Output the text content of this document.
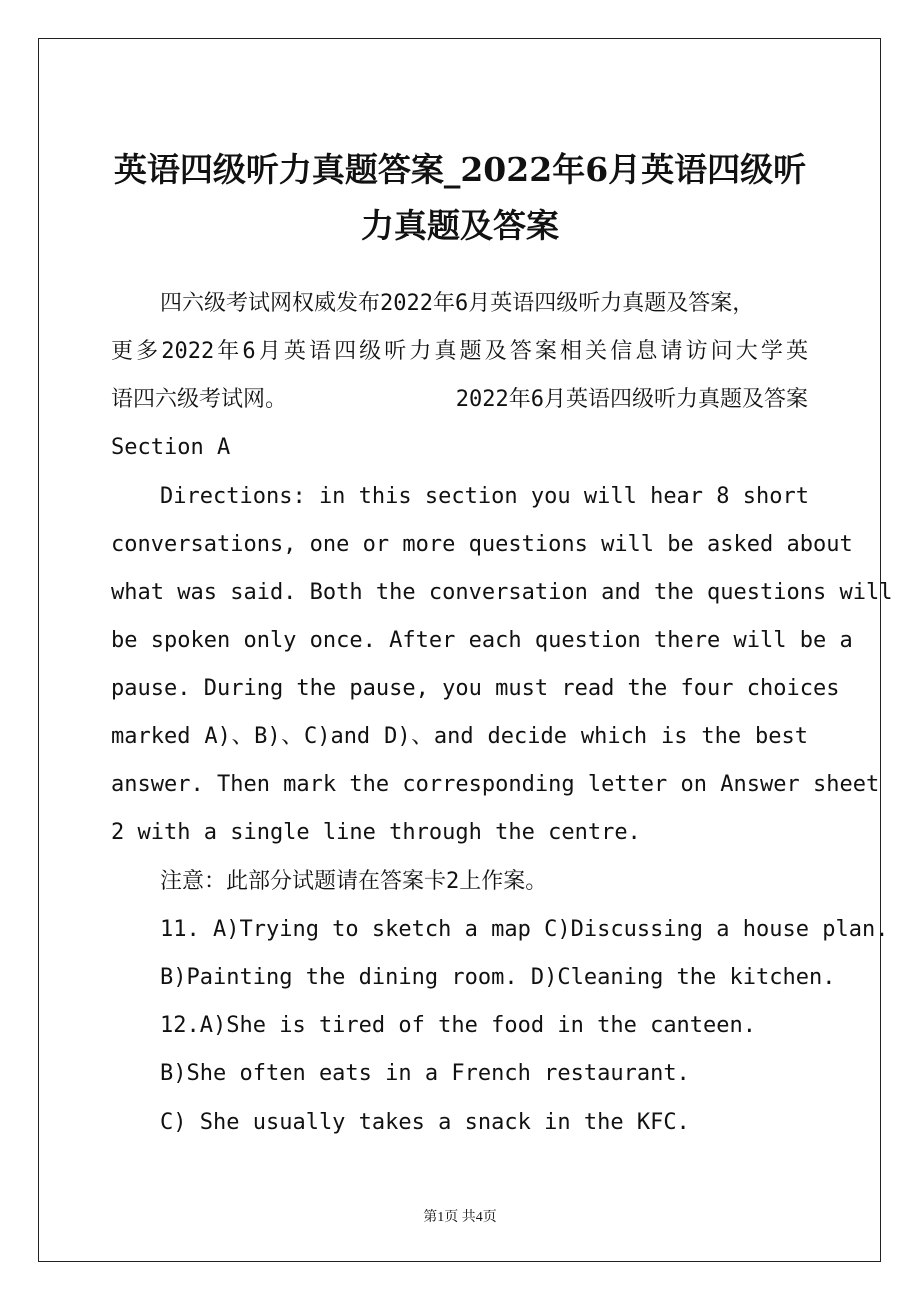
英语四级听力真题答案_2022年6月英语四级听
力真题及答案
四六级考试网权威发布2022年6月英语四级听力真题及答案，
更多2022年6月英语四级听力真题及答案相关信息请访问大学英
语四六级考试网。	2022年6月英语四级听力真题及答案
Section A
Directions: in this section you will hear 8 short
conversations, one or more questions will be asked about
what was said. Both the conversation and the questions will
be spoken only once. After each question there will be a
pause. During the pause, you must read the four choices
marked A)、B)、C)and D)、and decide which is the best
answer. Then mark the corresponding letter on Answer sheet
2 with a single line through the centre.
注意：此部分试题请在答案卡2上作案。
11. A)Trying to sketch a map C)Discussing a house plan.
B)Painting the dining room. D)Cleaning the kitchen.
12.A)She is tired of the food in the canteen.
B)She often eats in a French restaurant.
C) She usually takes a snack in the KFC.
第1页 共4页
